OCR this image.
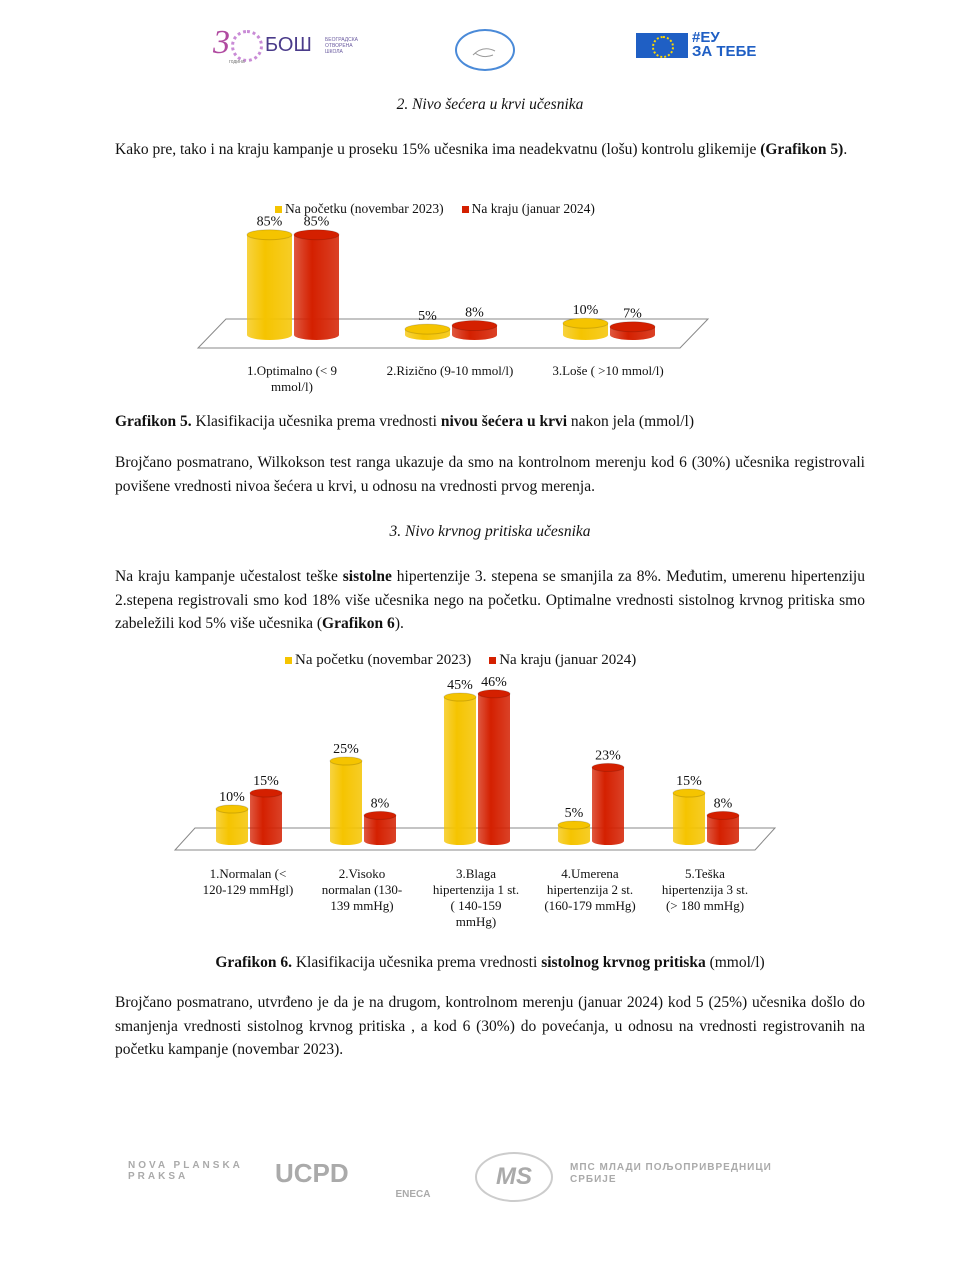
3 БОШ	БЕОГРАДСКА
ОТВОРЕНА
ШКОЛА
година
#ЕУ
ЗА ТЕБЕ
2. Nivo šećera u krvi učesnika

Kako pre, tako i na kraju kampanje u proseku 15% učesnika ima neadekvatnu (lošu) kontrolu glikemije (Grafikon 5).

85% 85%
5% 8%	10% 7%
1.Optimalno (< 9
mmol/l)
2.Rizično (9-10 mmol/l)	3.Loše ( >10 mmol/l)
Na početku (novembar 2023)	Na kraju (januar 2024)
Grafikon 5. Klasifikacija učesnika prema vrednosti nivou šećera u krvi nakon jela (mmol/l)

Brojčano posmatrano, Wilkokson test ranga ukazuje da smo na kontrolnom merenju kod 6 (30%) učesnika registrovali povišene vrednosti nivoa šećera u krvi, u odnosu na vrednosti prvog merenja.

3. Nivo krvnog pritiska učesnika

Na kraju kampanje učestalost teške sistolne hipertenzije 3. stepena se smanjila za 8%. Međutim, umerenu hipertenziju 2.stepena registrovali smo kod 18% više učesnika nego na početku. Optimalne vrednosti sistolnog krvnog pritiska smo zabeležili kod 5% više učesnika (Grafikon 6).

10%
15%
25%
8%
45% 46%
5%
23%
15%
8%
1.Normalan (<
120-129 mmHgl)
2.Visoko
normalan (130-
139 mmHg)
3.Blaga
hipertenzija 1 st.
( 140-159
mmHg)
4.Umerena
hipertenzija 2 st.
(160-179 mmHg)
5.Teška
hipertenzija 3 st.
(> 180 mmHg)
Na početku (novembar 2023)	Na kraju (januar 2024)
Grafikon 6. Klasifikacija učesnika prema vrednosti sistolnog krvnog pritiska (mmol/l)

Brojčano posmatrano, utvrđeno je da je na drugom, kontrolnom merenju (januar 2024) kod 5 (25%) učesnika došlo do smanjenja vrednosti sistolnog krvnog pritiska , a kod 6 (30%) do povećanja, u odnosu na vrednosti registrovanih na početku kampanje (novembar 2023).

NOVA PLANSKA PRAKSA	UCPD
ENECA
MS	МПС МЛАДИ ПОЉОПРИВРЕДНИЦИ СРБИЈЕ
